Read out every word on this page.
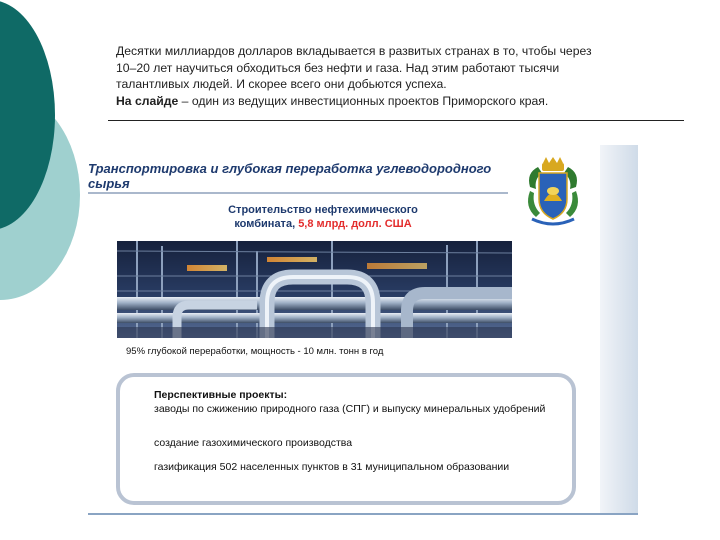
Десятки миллиардов долларов вкладывается в развитых странах в то, чтобы через

10–20 лет научиться обходиться без нефти и газа. Над этим работают тысячи

талантливых людей. И скорее всего они добьются успеха.

На слайде – один из ведущих инвестиционных проектов Приморского края.

Транспортировка и глубокая переработка углеводородного сырья
Строительство нефтехимического
комбината, 5,8 млрд. долл. США
95% глубокой переработки, мощность - 10 млн. тонн в год
Перспективные проекты:
заводы по сжижению природного газа (СПГ) и выпуску минеральных удобрений
создание газохимического производства
газификация 502 населенных пунктов в 31 муниципальном образовании
